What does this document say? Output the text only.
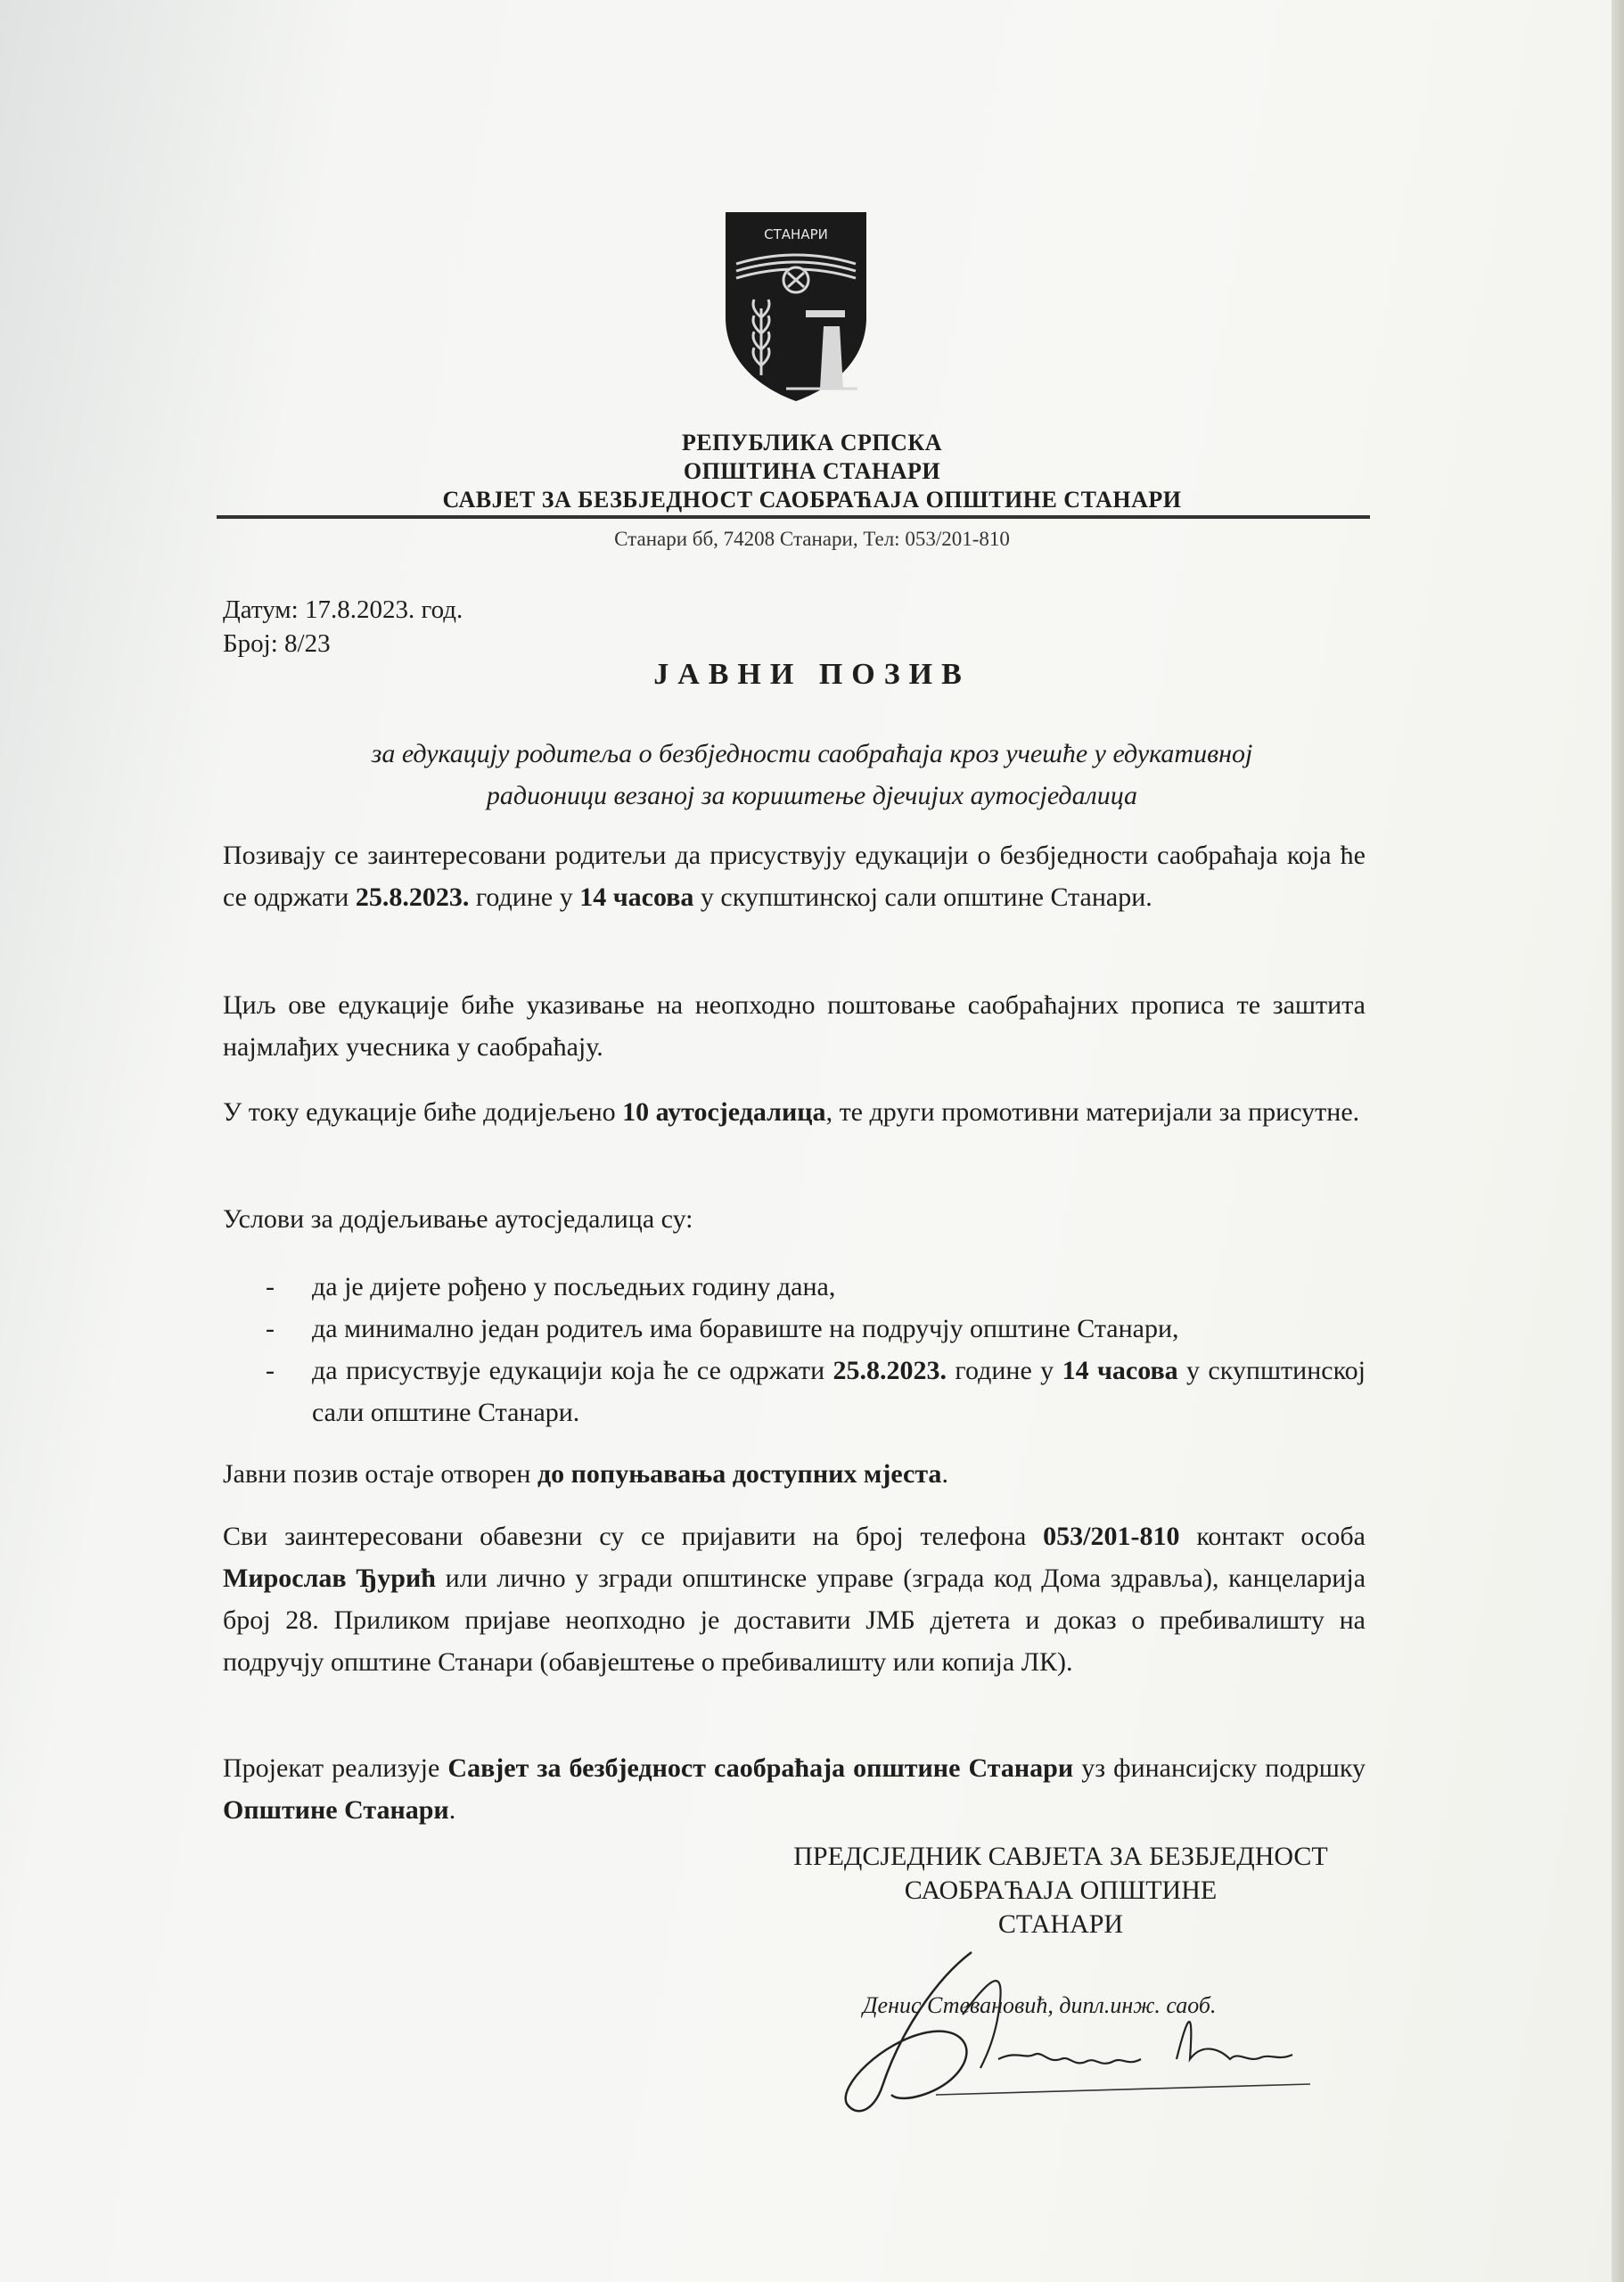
СТАНАРИ
РЕПУБЛИКА СРПСКА
ОПШТИНА СТАНАРИ
САВЈЕТ ЗА БЕЗБЈЕДНОСТ САОБРАЋАЈА ОПШТИНЕ СТАНАРИ
Станари бб, 74208 Станари, Тел: 053/201-810
Датум: 17.8.2023. год.
Број: 8/23
ЈАВНИ ПОЗИВ
за едукацију родитеља о безбједности саобраћаја кроз учешће у едукативној
радионици везаној за кориштење дјечијих аутосједалица
Позивају се заинтересовани родитељи да присуствују едукацији о безбједности саобраћаја која ће се одржати 25.8.2023. године у 14 часова у скупштинској сали општине Станари.
Циљ ове едукације биће указивање на неопходно поштовање саобраћајних прописа те заштита најмлађих учесника у саобраћају.
У току едукације биће додијељено 10 аутосједалица, те други промотивни материјали за присутне.
Услови за додјељивање аутосједалица су:
- да је дијете рођено у посљедњих годину дана,
- да минимално један родитељ има боравиште на подручју општине Станари,
- да присуствује едукацији која ће се одржати 25.8.2023. године у 14 часова у скупштинској сали општине Станари.
Јавни позив остаје отворен до попуњавања доступних мјеста.
Сви заинтересовани обавезни су се пријавити на број телефона 053/201-810 контакт особа Мирослав Ђурић или лично у згради општинске управе (зграда код Дома здравља), канцеларија број 28. Приликом пријаве неопходно је доставити ЈМБ дјетета и доказ о пребивалишту на подручју општине Станари (обавјештење о пребивалишту или копија ЛК).
Пројекат реализује Савјет за безбједност саобраћаја општине Станари уз финансијску подршку Општине Станари.
ПРЕДСЈЕДНИК САВЈЕТА ЗА БЕЗБЈЕДНОСТ
САОБРАЋАЈА ОПШТИНЕ
СТАНАРИ
Денис Стевановић, дипл.инж. саоб.
